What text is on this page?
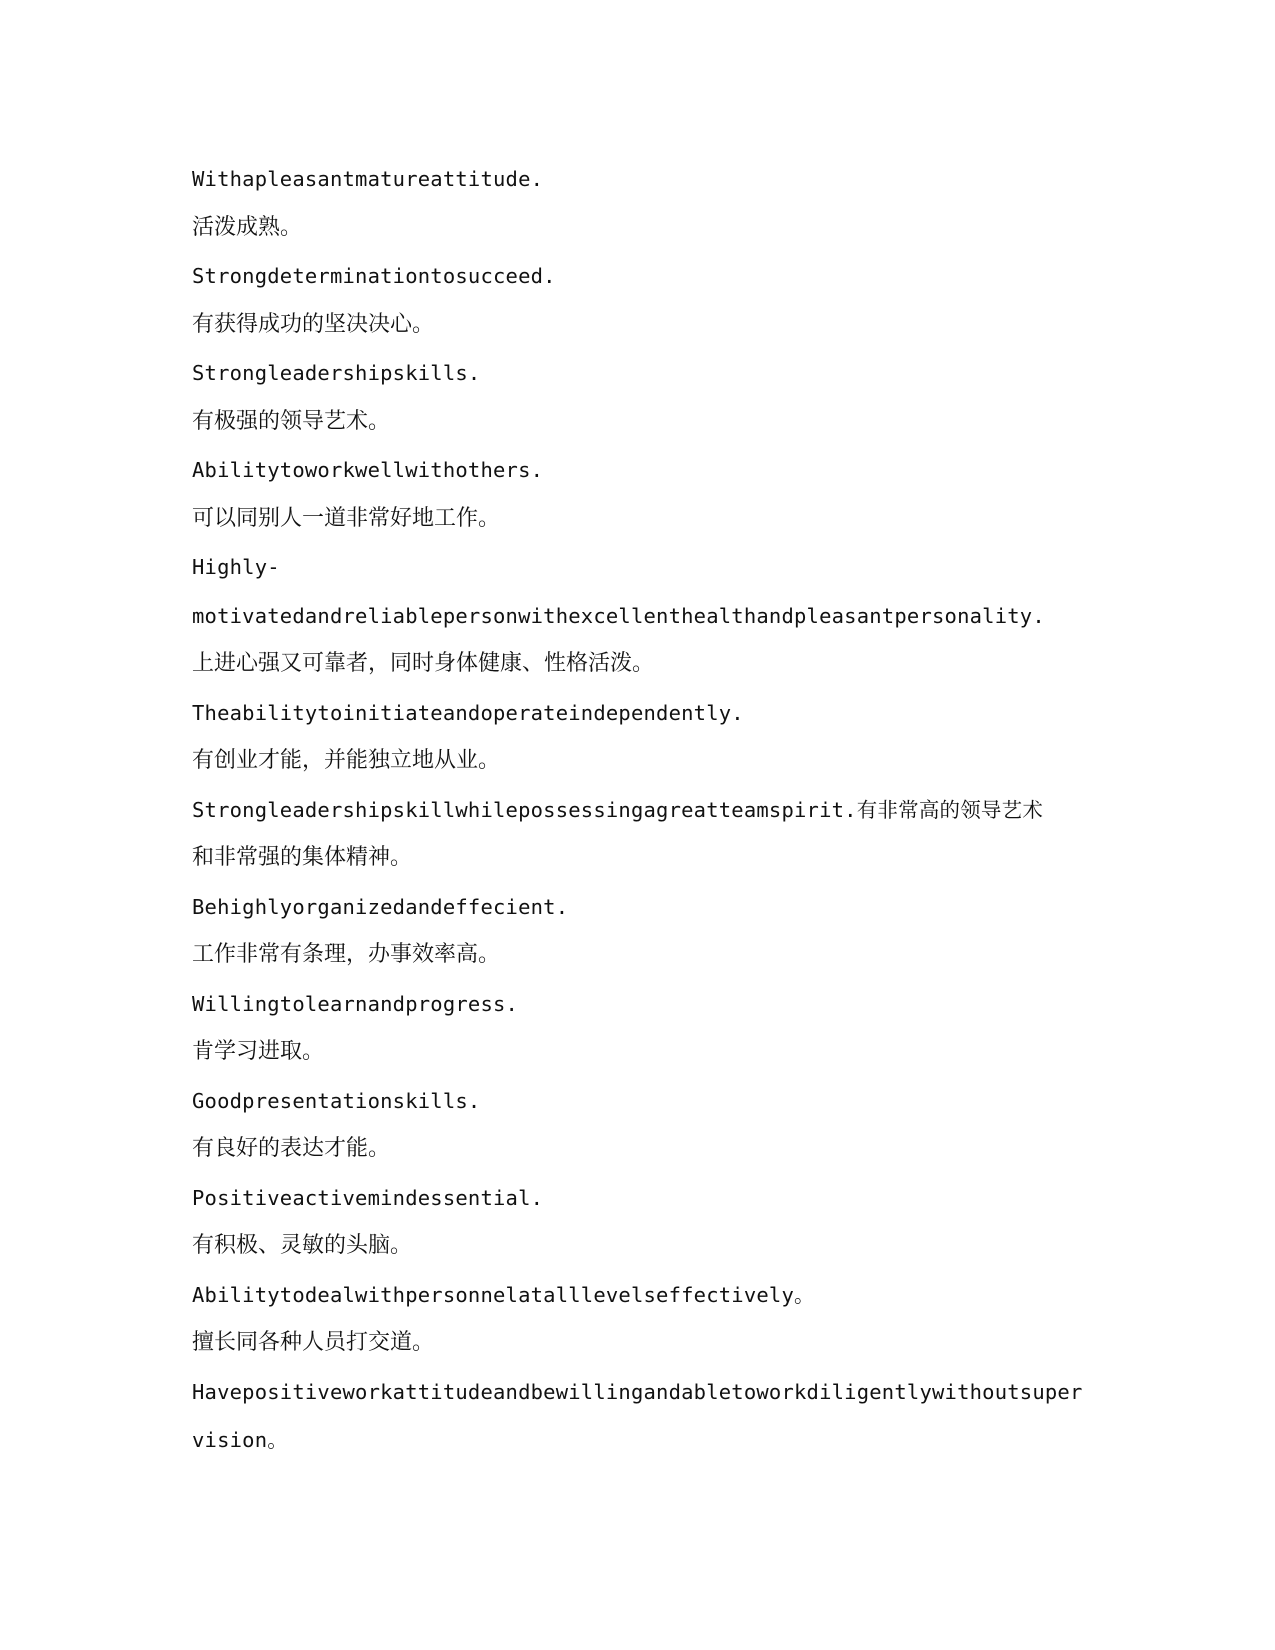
Withapleasantmatureattitude.
活泼成熟。
Strongdeterminationtosucceed.
有获得成功的坚决决心。
Strongleadershipskills.
有极强的领导艺术。
Abilitytoworkwellwithothers.
可以同别人一道非常好地工作。
Highly-
motivatedandreliablepersonwithexcellenthealthandpleasantpersonality.
上进心强又可靠者，同时身体健康、性格活泼。
Theabilitytoinitiateandoperateindependently.
有创业才能，并能独立地从业。
Strongleadershipskillwhilepossessingagreatteamspirit.有非常高的领导艺术
和非常强的集体精神。
Behighlyorganizedandeffecient.
工作非常有条理，办事效率高。
Willingtolearnandprogress.
肯学习进取。
Goodpresentationskills.
有良好的表达才能。
Positiveactivemindessential.
有积极、灵敏的头脑。
Abilitytodealwithpersonnelatalllevelseffectively。
擅长同各种人员打交道。
Havepositiveworkattitudeandbewillingandabletoworkdiligentlywithoutsuper
vision。
